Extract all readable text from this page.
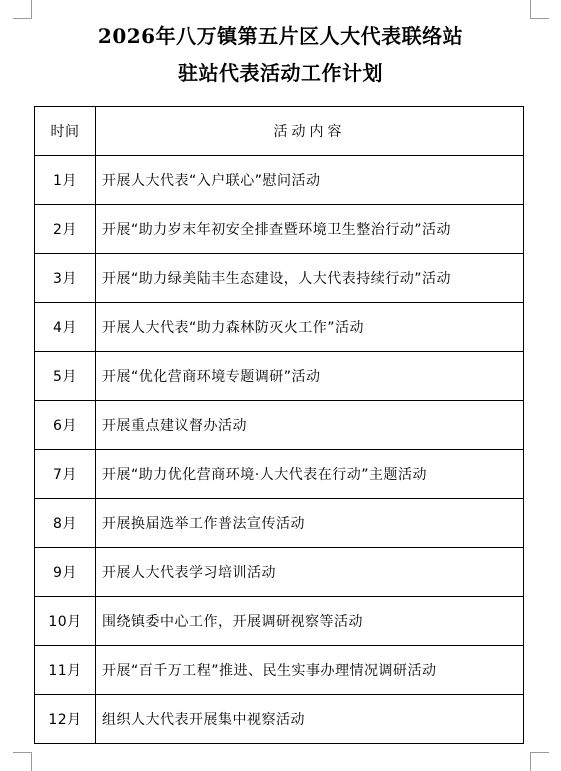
2026年八万镇第五片区人大代表联络站
驻站代表活动工作计划
时间	活动内容
1月	开展人大代表“入户联心”慰问活动
2月	开展“助力岁末年初安全排查暨环境卫生整治行动”活动
3月	开展“助力绿美陆丰生态建设，人大代表持续行动”活动
4月	开展人大代表“助力森林防灭火工作”活动
5月	开展“优化营商环境专题调研”活动
6月	开展重点建议督办活动
7月	开展“助力优化营商环境·人大代表在行动”主题活动
8月	开展换届选举工作普法宣传活动
9月	开展人大代表学习培训活动
10月	围绕镇委中心工作，开展调研视察等活动
11月	开展“百千万工程”推进、民生实事办理情况调研活动
12月	组织人大代表开展集中视察活动
